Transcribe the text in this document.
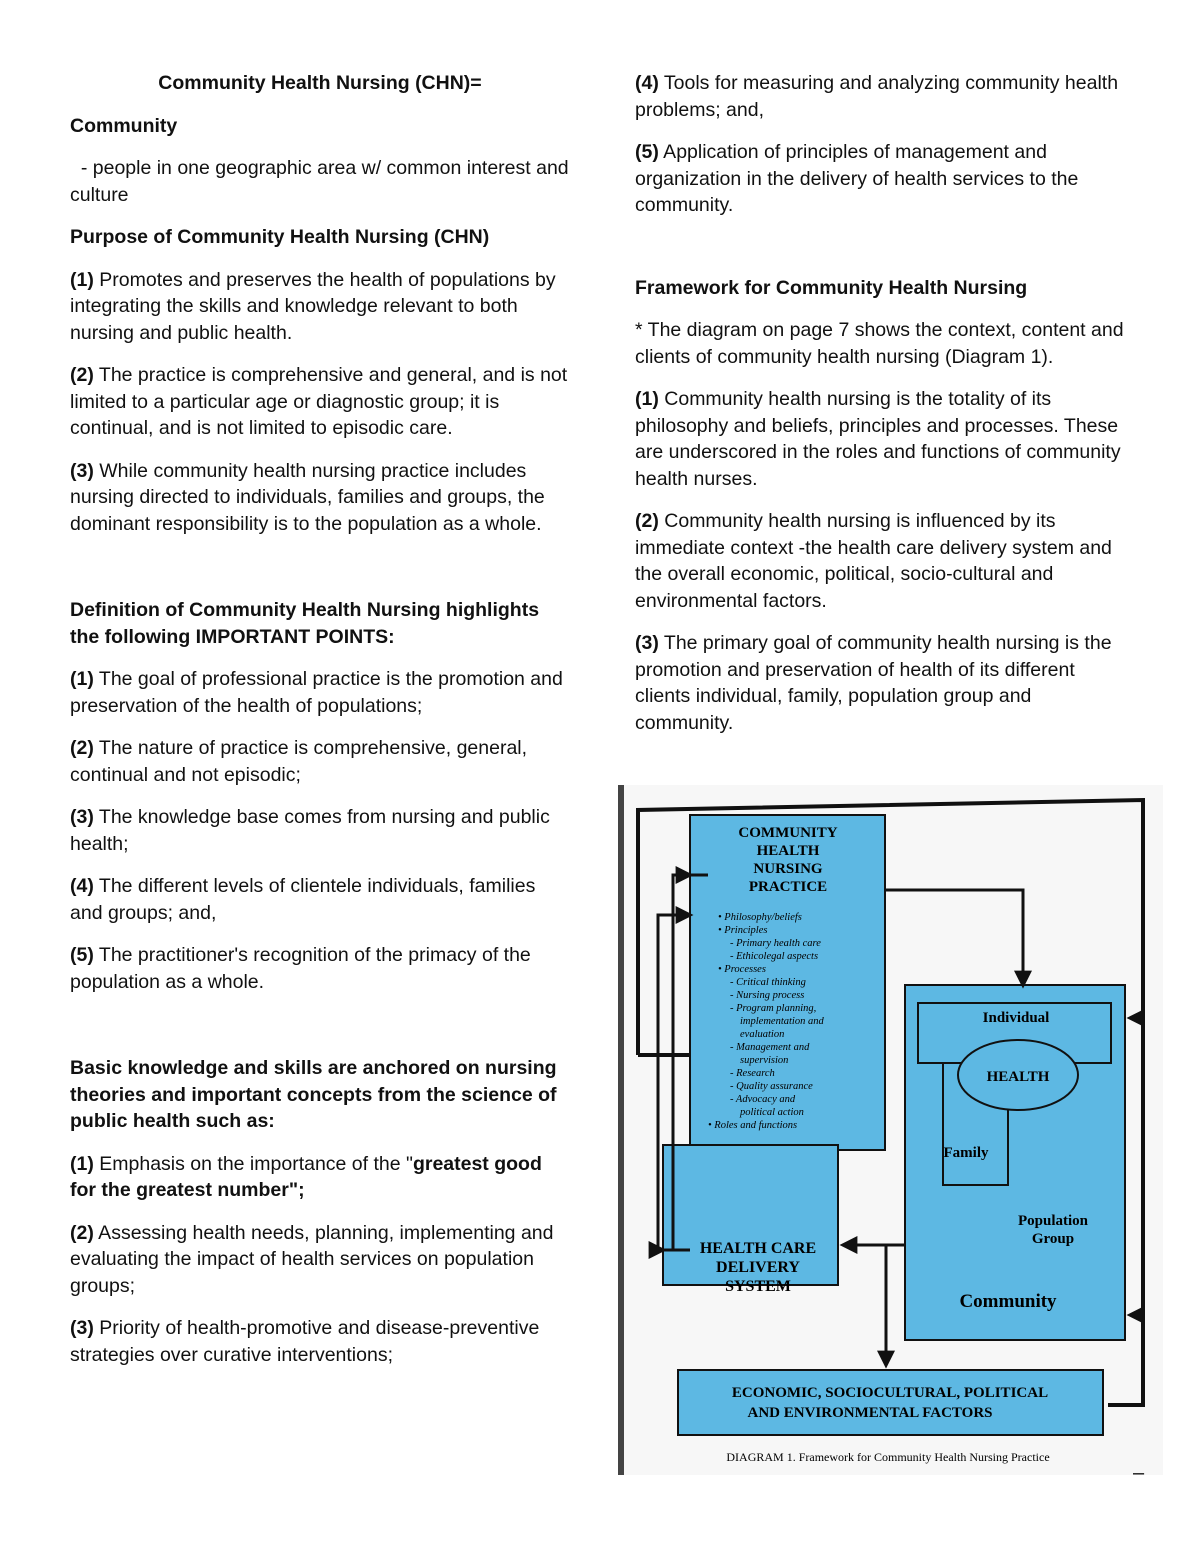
Community Health Nursing (CHN)=

Community

- people in one geographic area w/ common interest and culture

Purpose of Community Health Nursing (CHN)

(1) Promotes and preserves the health of populations by integrating the skills and knowledge relevant to both nursing and public health.

(2) The practice is comprehensive and general, and is not limited to a particular age or diagnostic group; it is continual, and is not limited to episodic care.

(3) While community health nursing practice includes nursing directed to individuals, families and groups, the dominant responsibility is to the population as a whole.

Definition of Community Health Nursing highlights the following IMPORTANT POINTS:

(1) The goal of professional practice is the promotion and preservation of the health of populations;

(2) The nature of practice is comprehensive, general, continual and not episodic;

(3) The knowledge base comes from nursing and public health;

(4) The different levels of clientele individuals, families and groups; and,

(5) The practitioner's recognition of the primacy of the population as a whole.

Basic knowledge and skills are anchored on nursing theories and important concepts from the science of public health such as:

(1) Emphasis on the importance of the "greatest good for the greatest number";

(2) Assessing health needs, planning, implementing and evaluating the impact of health services on population groups;

(3) Priority of health-promotive and disease-preventive strategies over curative interventions;

(4) Tools for measuring and analyzing community health problems; and,

(5) Application of principles of management and organization in the delivery of health services to the community.

Framework for Community Health Nursing

* The diagram on page 7 shows the context, content and clients of community health nursing (Diagram 1).

(1) Community health nursing is the totality of its philosophy and beliefs, principles and processes. These are underscored in the roles and functions of community health nurses.

(2) Community health nursing is influenced by its immediate context -the health care delivery system and the overall economic, political, socio-cultural and environmental factors.

(3) The primary goal of community health nursing is the promotion and preservation of health of its different clients individual, family, population group and community.

COMMUNITY
HEALTH
NURSING
PRACTICE
• Philosophy/beliefs
• Principles
‐ Primary health care
‐ Ethicolegal aspects
• Processes
‐ Critical thinking
‐ Nursing process
‐ Program planning,
implementation and
evaluation
‐ Management and
supervision
‐ Research
‐ Quality assurance
‐ Advocacy and
political action
• Roles and functions
HEALTH CARE
DELIVERY
SYSTEM
Individual
HEALTH
Family
Population
Group
Community
ECONOMIC, SOCIOCULTURAL, POLITICAL
AND ENVIRONMENTAL FACTORS
DIAGRAM 1. Framework for Community Health Nursing Practice
–
